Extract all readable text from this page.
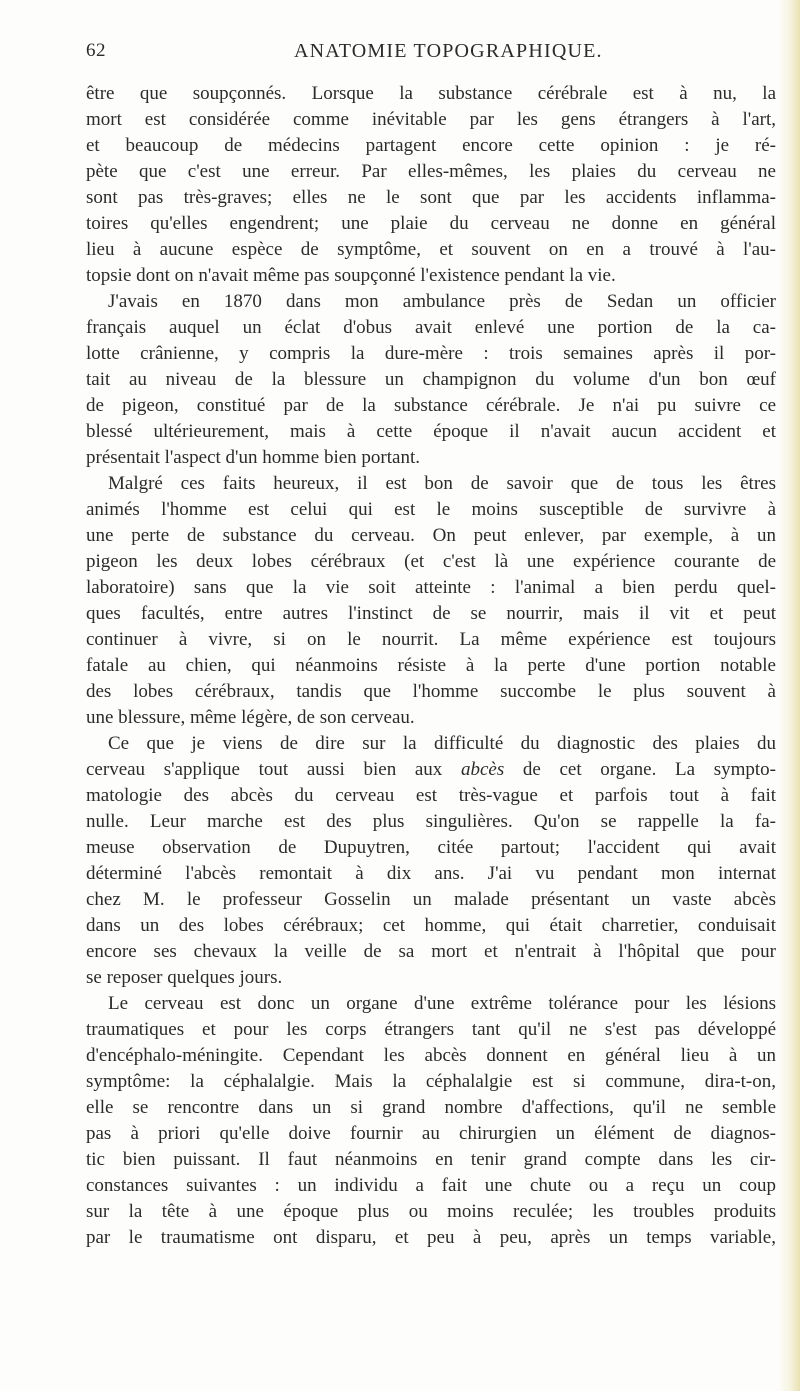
62	ANATOMIE TOPOGRAPHIQUE.
être que soupçonnés. Lorsque la substance cérébrale est à nu, la
mort est considérée comme inévitable par les gens étrangers à l'art,
et beaucoup de médecins partagent encore cette opinion : je ré-
pète que c'est une erreur. Par elles-mêmes, les plaies du cerveau ne
sont pas très-graves; elles ne le sont que par les accidents inflamma-
toires qu'elles engendrent; une plaie du cerveau ne donne en général
lieu à aucune espèce de symptôme, et souvent on en a trouvé à l'au-
topsie dont on n'avait même pas soupçonné l'existence pendant la vie.
J'avais en 1870 dans mon ambulance près de Sedan un officier
français auquel un éclat d'obus avait enlevé une portion de la ca-
lotte crânienne, y compris la dure-mère : trois semaines après il por-
tait au niveau de la blessure un champignon du volume d'un bon œuf
de pigeon, constitué par de la substance cérébrale. Je n'ai pu suivre ce
blessé ultérieurement, mais à cette époque il n'avait aucun accident et
présentait l'aspect d'un homme bien portant.
Malgré ces faits heureux, il est bon de savoir que de tous les êtres
animés l'homme est celui qui est le moins susceptible de survivre à
une perte de substance du cerveau. On peut enlever, par exemple, à un
pigeon les deux lobes cérébraux (et c'est là une expérience courante de
laboratoire) sans que la vie soit atteinte : l'animal a bien perdu quel-
ques facultés, entre autres l'instinct de se nourrir, mais il vit et peut
continuer à vivre, si on le nourrit. La même expérience est toujours
fatale au chien, qui néanmoins résiste à la perte d'une portion notable
des lobes cérébraux, tandis que l'homme succombe le plus souvent à
une blessure, même légère, de son cerveau.
Ce que je viens de dire sur la difficulté du diagnostic des plaies du
cerveau s'applique tout aussi bien aux abcès de cet organe. La sympto-
matologie des abcès du cerveau est très-vague et parfois tout à fait
nulle. Leur marche est des plus singulières. Qu'on se rappelle la fa-
meuse observation de Dupuytren, citée partout; l'accident qui avait
déterminé l'abcès remontait à dix ans. J'ai vu pendant mon internat
chez M. le professeur Gosselin un malade présentant un vaste abcès
dans un des lobes cérébraux; cet homme, qui était charretier, conduisait
encore ses chevaux la veille de sa mort et n'entrait à l'hôpital que pour
se reposer quelques jours.
Le cerveau est donc un organe d'une extrême tolérance pour les lésions
traumatiques et pour les corps étrangers tant qu'il ne s'est pas développé
d'encéphalo-méningite. Cependant les abcès donnent en général lieu à un
symptôme: la céphalalgie. Mais la céphalalgie est si commune, dira-t-on,
elle se rencontre dans un si grand nombre d'affections, qu'il ne semble
pas à priori qu'elle doive fournir au chirurgien un élément de diagnos-
tic bien puissant. Il faut néanmoins en tenir grand compte dans les cir-
constances suivantes : un individu a fait une chute ou a reçu un coup
sur la tête à une époque plus ou moins reculée; les troubles produits
par le traumatisme ont disparu, et peu à peu, après un temps variable,
